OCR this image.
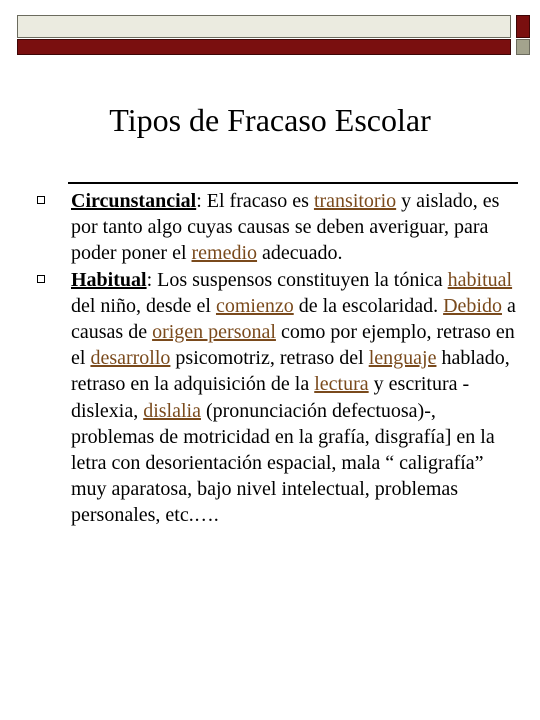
Tipos de Fracaso Escolar

Circunstancial: El fracaso es transitorio y aislado, es por tanto algo cuyas causas se deben averiguar, para poder poner el remedio adecuado.

Habitual: Los suspensos constituyen la tónica habitual del niño, desde el comienzo de la escolaridad. Debido a causas de origen personal como por ejemplo, retraso en el desarrollo psicomotriz, retraso del lenguaje hablado, retraso en la adquisición de la lectura y escritura -dislexia, dislalia (pronunciación defectuosa)-, problemas de motricidad en la grafía, disgrafía] en la letra con desorientación espacial, mala “ caligrafía” muy aparatosa, bajo nivel intelectual, problemas personales, etc.….
